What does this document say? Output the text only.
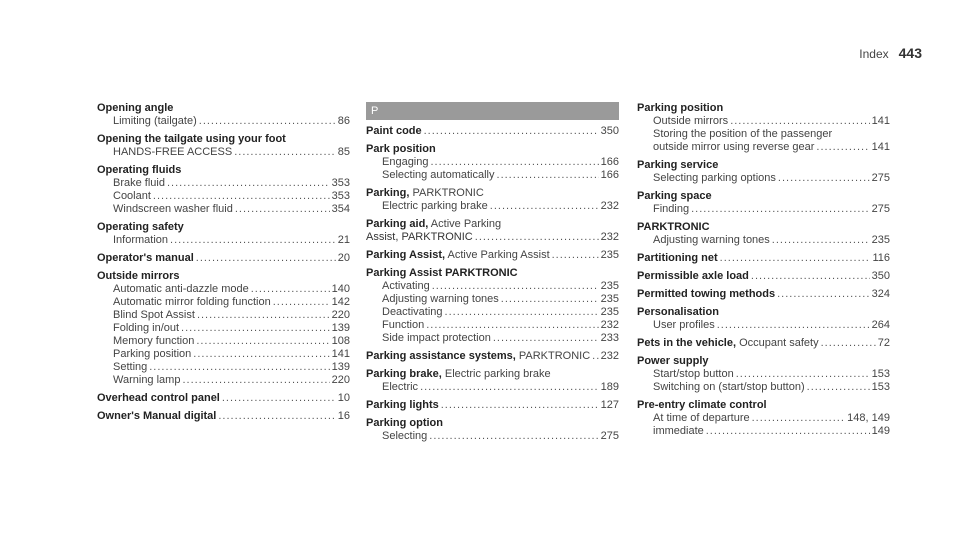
Index 443
Opening angle
Limiting (tailgate) .....	86
Opening the tailgate using your foot
HANDS-FREE ACCESS .....	85
Operating fluids
Brake fluid .....	353
Coolant .....	353
Windscreen washer fluid .....	354
Operating safety
Information .....	21
Operator's manual .....	20
Outside mirrors
Automatic anti-dazzle mode .....	140
Automatic mirror folding function .....	142
Blind Spot Assist .....	220
Folding in/out .....	139
Memory function .....	108
Parking position .....	141
Setting .....	139
Warning lamp .....	220
Overhead control panel .....	10
Owner's Manual digital .....	16
P
Paint code .....	350
Park position
Engaging .....	166
Selecting automatically .....	166
Parking, PARKTRONIC
Electric parking brake .....	232
Parking aid, Active Parking
Assist, PARKTRONIC .....	232
Parking Assist, Active Parking Assist .....	235
Parking Assist PARKTRONIC
Activating .....	235
Adjusting warning tones .....	235
Deactivating .....	235
Function .....	232
Side impact protection .....	233
Parking assistance systems, PARKTRONIC ..... 232
Parking brake, Electric parking brake
Electric .....	189
Parking lights .....	127
Parking option
Selecting .....	275
Parking position
Outside mirrors .....	141
Storing the position of the passenger
outside mirror using reverse gear .....	141
Parking service
Selecting parking options .....	275
Parking space
Finding .....	275
PARKTRONIC
Adjusting warning tones .....	235
Partitioning net .....	116
Permissible axle load .....	350
Permitted towing methods .....	324
Personalisation
User profiles .....	264
Pets in the vehicle, Occupant safety .....	72
Power supply
Start/stop button .....	153
Switching on (start/stop button) .....	153
Pre-entry climate control
At time of departure .....	148, 149
immediate .....	149
